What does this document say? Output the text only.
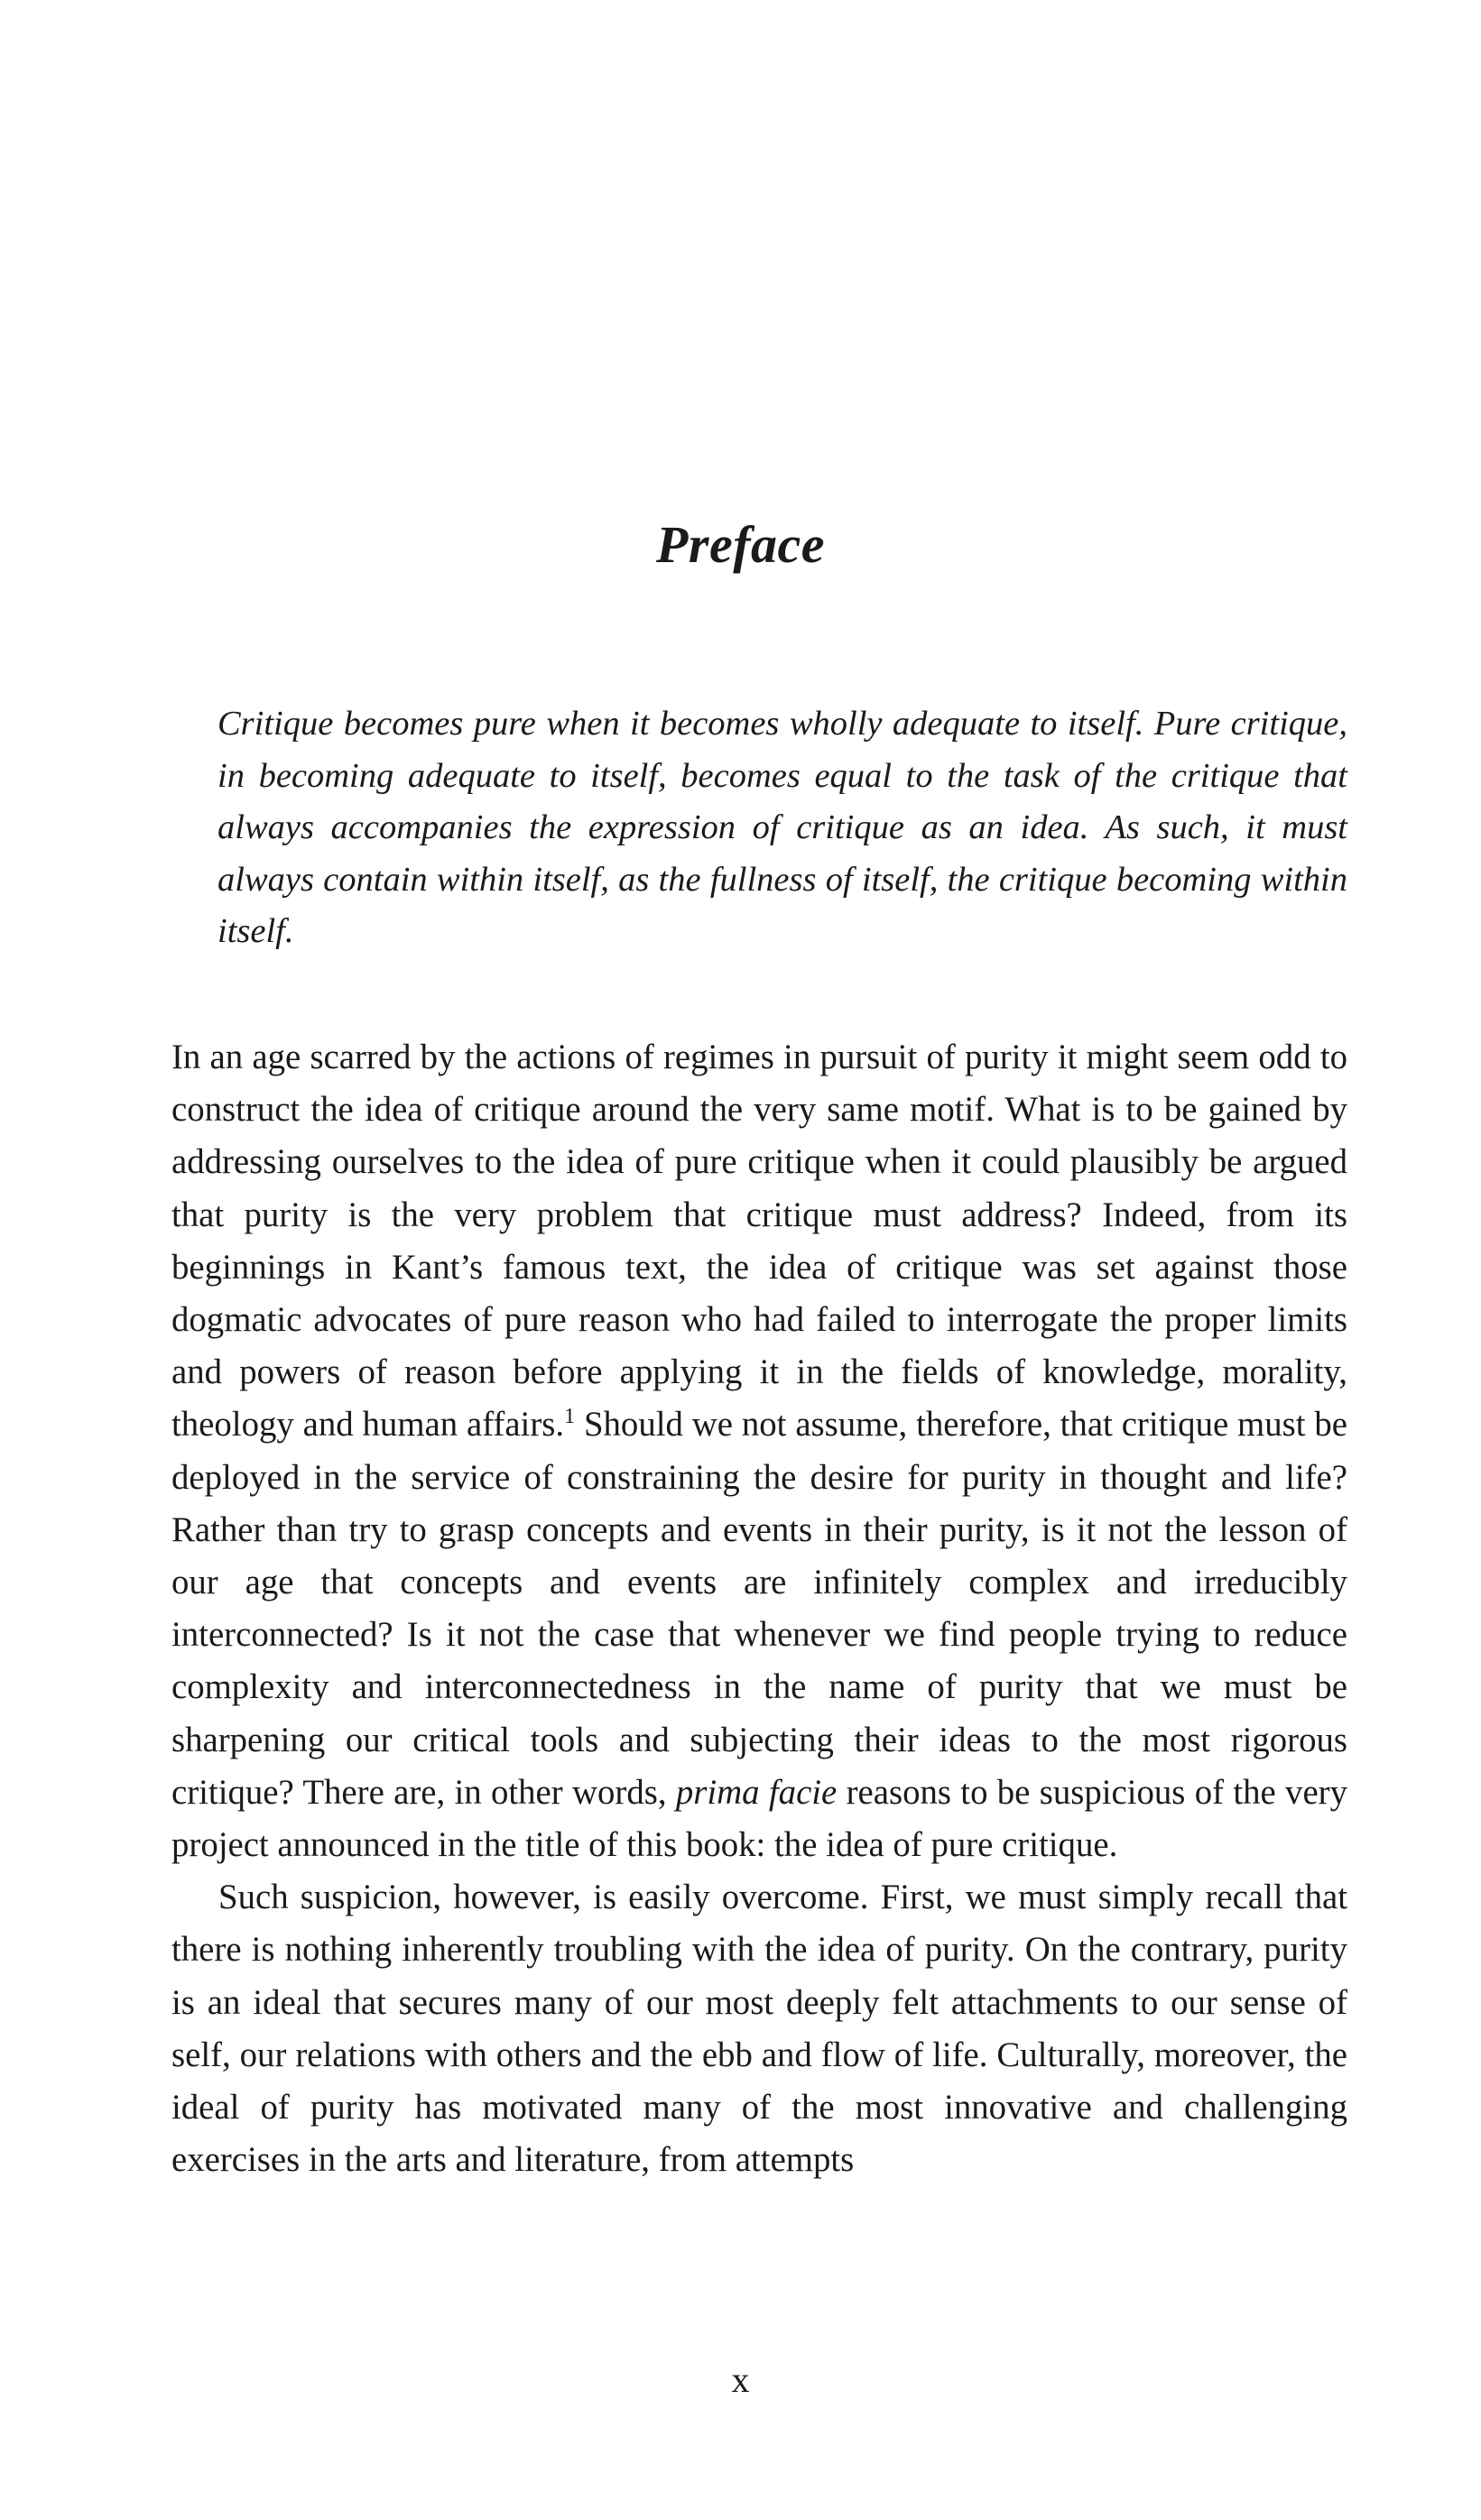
Preface
Critique becomes pure when it becomes wholly adequate to itself. Pure critique, in becoming adequate to itself, becomes equal to the task of the critique that always accompanies the expression of critique as an idea. As such, it must always contain within itself, as the fullness of itself, the critique becoming within itself.

In an age scarred by the actions of regimes in pursuit of purity it might seem odd to construct the idea of critique around the very same motif. What is to be gained by addressing ourselves to the idea of pure critique when it could plausibly be argued that purity is the very problem that critique must address? Indeed, from its beginnings in Kant’s famous text, the idea of critique was set against those dogmatic advocates of pure reason who had failed to interrogate the proper limits and powers of reason before applying it in the fields of knowledge, morality, theology and human affairs.$^1$ Should we not assume, therefore, that critique must be deployed in the service of constraining the desire for purity in thought and life? Rather than try to grasp concepts and events in their purity, is it not the lesson of our age that concepts and events are infinitely complex and irreducibly interconnected? Is it not the case that whenever we find people trying to reduce complexity and interconnectedness in the name of purity that we must be sharpening our critical tools and subjecting their ideas to the most rigorous critique? There are, in other words, prima facie reasons to be suspicious of the very project announced in the title of this book: the idea of pure critique.

Such suspicion, however, is easily overcome. First, we must simply recall that there is nothing inherently troubling with the idea of purity. On the contrary, purity is an ideal that secures many of our most deeply felt attachments to our sense of self, our relations with others and the ebb and flow of life. Culturally, moreover, the ideal of purity has motivated many of the most innovative and challenging exercises in the arts and literature, from attempts

x
